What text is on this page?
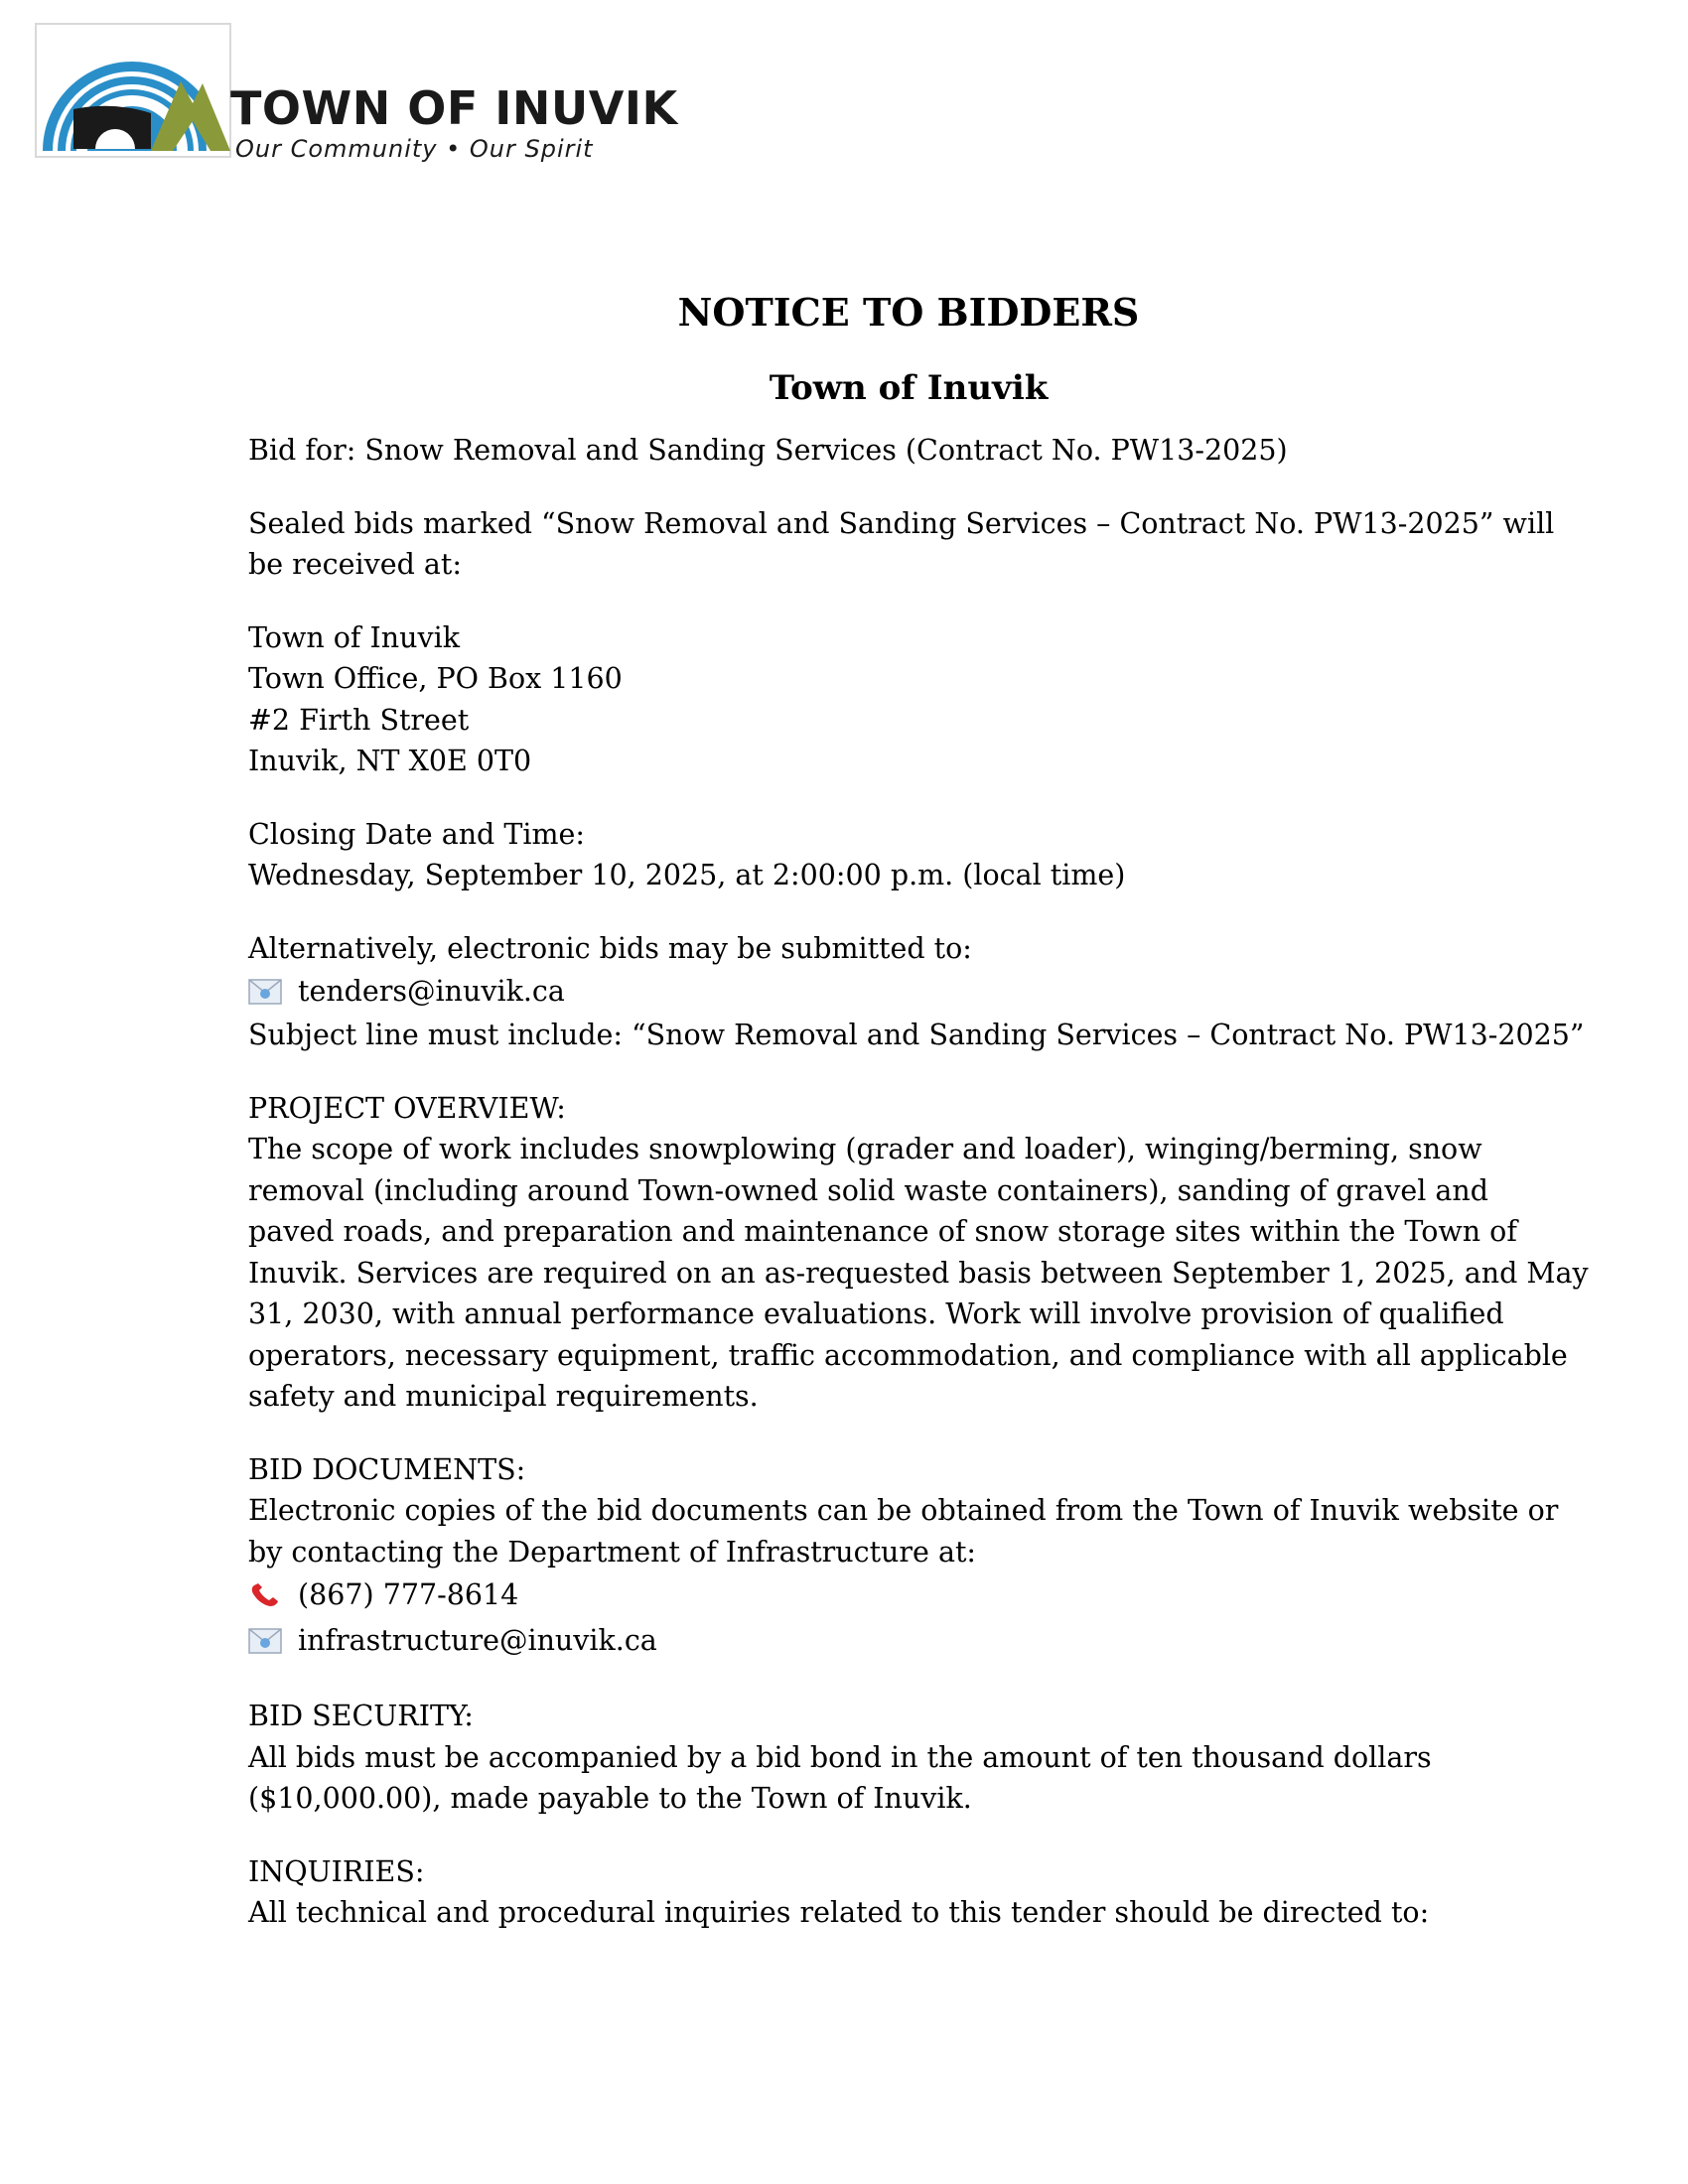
TOWN OF INUVIK
Our Community • Our Spirit
NOTICE TO BIDDERS
Town of Inuvik

Bid for: Snow Removal and Sanding Services (Contract No. PW13-2025)

Sealed bids marked “Snow Removal and Sanding Services – Contract No. PW13-2025” will
be received at:

Town of Inuvik
Town Office, PO Box 1160
#2 Firth Street
Inuvik, NT X0E 0T0

Closing Date and Time:
Wednesday, September 10, 2025, at 2:00:00 p.m. (local time)

Alternatively, electronic bids may be submitted to:
tenders@inuvik.ca
Subject line must include: “Snow Removal and Sanding Services – Contract No. PW13-2025”
PROJECT OVERVIEW:
The scope of work includes snowplowing (grader and loader), winging/berming, snow
removal (including around Town-owned solid waste containers), sanding of gravel and
paved roads, and preparation and maintenance of snow storage sites within the Town of
Inuvik. Services are required on an as-requested basis between September 1, 2025, and May
31, 2030, with annual performance evaluations. Work will involve provision of qualified
operators, necessary equipment, traffic accommodation, and compliance with all applicable
safety and municipal requirements.
BID DOCUMENTS:
Electronic copies of the bid documents can be obtained from the Town of Inuvik website or
by contacting the Department of Infrastructure at:
(867) 777-8614
infrastructure@inuvik.ca
BID SECURITY:
All bids must be accompanied by a bid bond in the amount of ten thousand dollars
($10,000.00), made payable to the Town of Inuvik.
INQUIRIES:
All technical and procedural inquiries related to this tender should be directed to:
